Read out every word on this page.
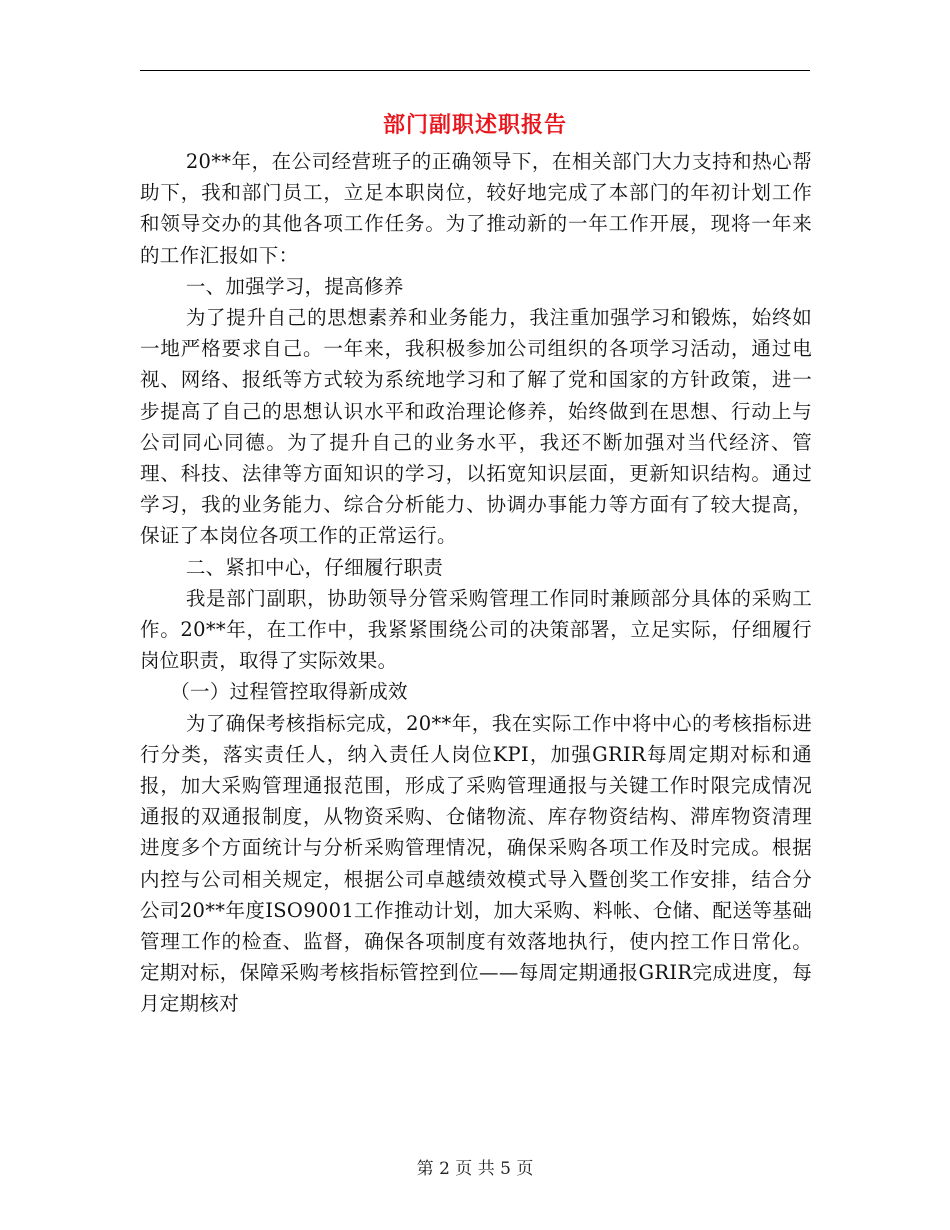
部门副职述职报告

20**年，在公司经营班子的正确领导下，在相关部门大力支持和热心帮助下，我和部门员工，立足本职岗位，较好地完成了本部门的年初计划工作和领导交办的其他各项工作任务。为了推动新的一年工作开展，现将一年来的工作汇报如下：

一、加强学习，提高修养

为了提升自己的思想素养和业务能力，我注重加强学习和锻炼，始终如一地严格要求自己。一年来，我积极参加公司组织的各项学习活动，通过电视、网络、报纸等方式较为系统地学习和了解了党和国家的方针政策，进一步提高了自己的思想认识水平和政治理论修养，始终做到在思想、行动上与公司同心同德。为了提升自己的业务水平，我还不断加强对当代经济、管理、科技、法律等方面知识的学习，以拓宽知识层面，更新知识结构。通过学习，我的业务能力、综合分析能力、协调办事能力等方面有了较大提高，保证了本岗位各项工作的正常运行。

二、紧扣中心，仔细履行职责

我是部门副职，协助领导分管采购管理工作同时兼顾部分具体的采购工作。20**年，在工作中，我紧紧围绕公司的决策部署，立足实际，仔细履行岗位职责，取得了实际效果。

（一）过程管控取得新成效

为了确保考核指标完成，20**年，我在实际工作中将中心的考核指标进行分类，落实责任人，纳入责任人岗位KPI，加强GRIR每周定期对标和通报，加大采购管理通报范围，形成了采购管理通报与关键工作时限完成情况通报的双通报制度，从物资采购、仓储物流、库存物资结构、滞库物资清理进度多个方面统计与分析采购管理情况，确保采购各项工作及时完成。根据内控与公司相关规定，根据公司卓越绩效模式导入暨创奖工作安排，结合分公司20**年度ISO9001工作推动计划，加大采购、料帐、仓储、配送等基础管理工作的检查、监督，确保各项制度有效落地执行，使内控工作日常化。定期对标，保障采购考核指标管控到位——每周定期通报GRIR完成进度，每月定期核对

第 2 页 共 5 页
